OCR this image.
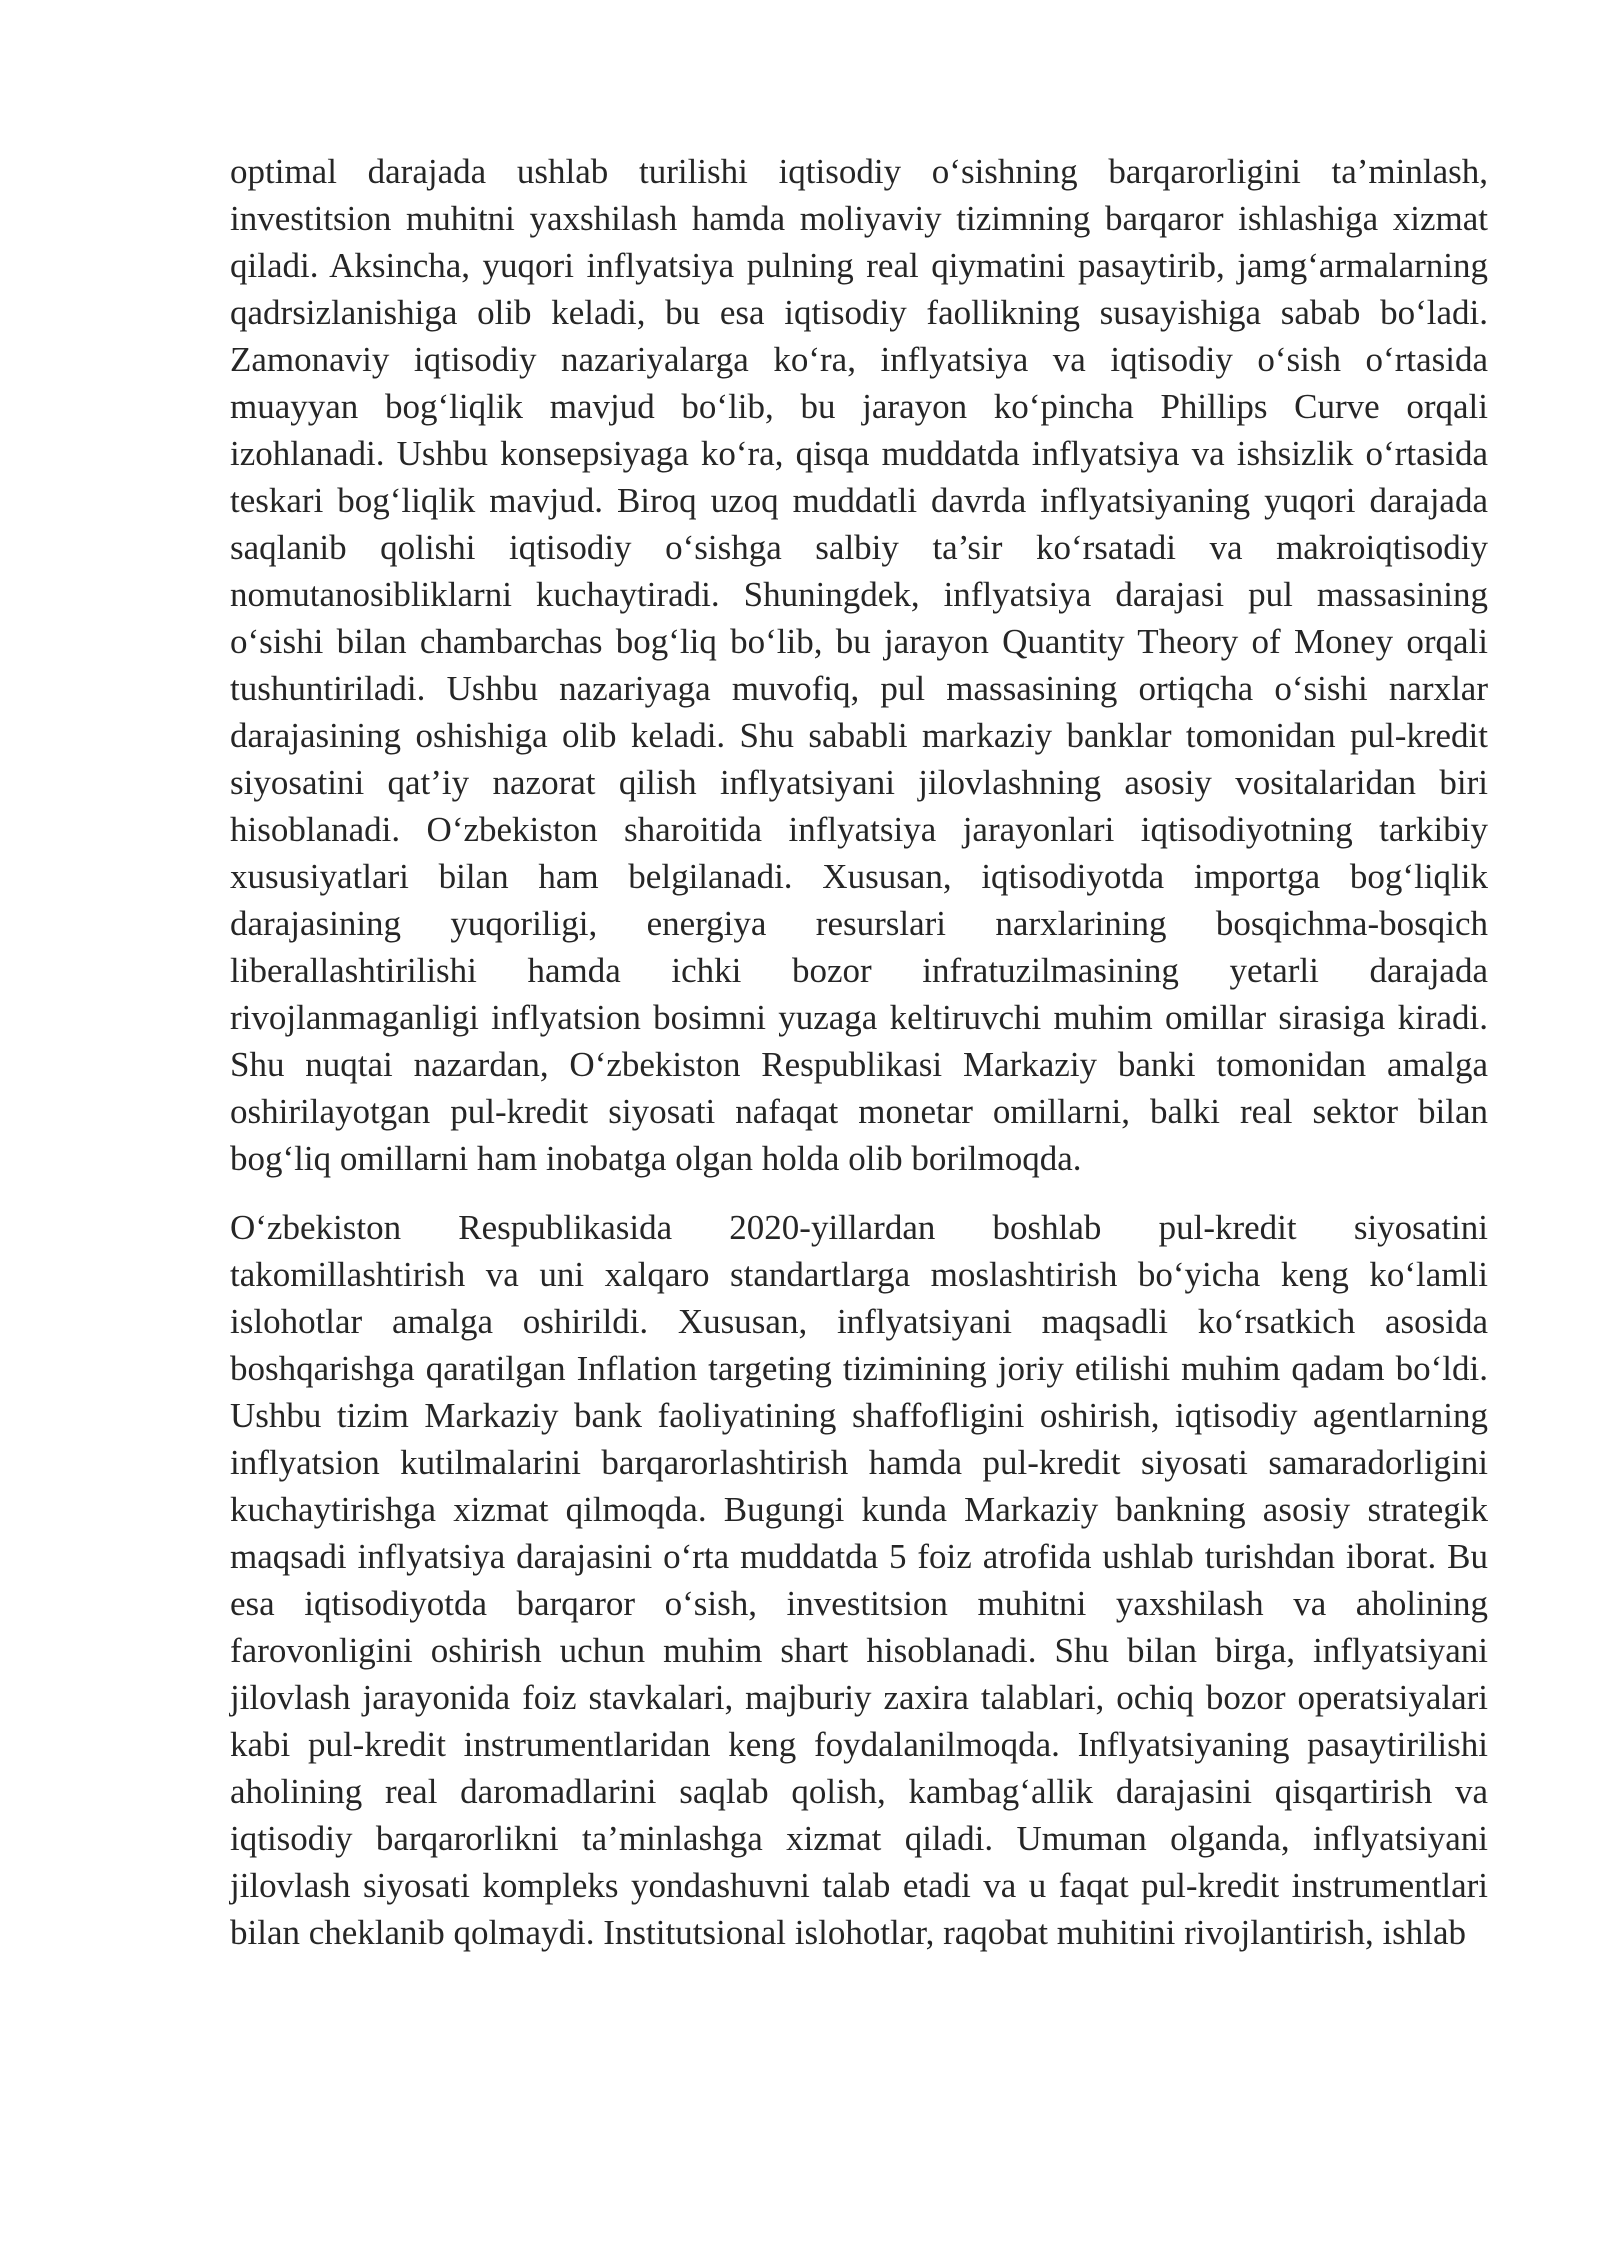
optimal darajada ushlab turilishi iqtisodiy o‘sishning barqarorligini ta’minlash, investitsion muhitni yaxshilash hamda moliyaviy tizimning barqaror ishlashiga xizmat qiladi. Aksincha, yuqori inflyatsiya pulning real qiymatini pasaytirib, jamg‘armalarning qadrsizlanishiga olib keladi, bu esa iqtisodiy faollikning susayishiga sabab bo‘ladi. Zamonaviy iqtisodiy nazariyalarga ko‘ra, inflyatsiya va iqtisodiy o‘sish o‘rtasida muayyan bog‘liqlik mavjud bo‘lib, bu jarayon ko‘pincha Phillips Curve orqali izohlanadi. Ushbu konsepsiyaga ko‘ra, qisqa muddatda inflyatsiya va ishsizlik o‘rtasida teskari bog‘liqlik mavjud. Biroq uzoq muddatli davrda inflyatsiyaning yuqori darajada saqlanib qolishi iqtisodiy o‘sishga salbiy ta’sir ko‘rsatadi va makroiqtisodiy nomutanosibliklarni kuchaytiradi. Shuningdek, inflyatsiya darajasi pul massasining o‘sishi bilan chambarchas bog‘liq bo‘lib, bu jarayon Quantity Theory of Money orqali tushuntiriladi. Ushbu nazariyaga muvofiq, pul massasining ortiqcha o‘sishi narxlar darajasining oshishiga olib keladi. Shu sababli markaziy banklar tomonidan pul-kredit siyosatini qat’iy nazorat qilish inflyatsiyani jilovlashning asosiy vositalaridan biri hisoblanadi. O‘zbekiston sharoitida inflyatsiya jarayonlari iqtisodiyotning tarkibiy xususiyatlari bilan ham belgilanadi. Xususan, iqtisodiyotda importga bog‘liqlik darajasining yuqoriligi, energiya resurslari narxlarining bosqichma-bosqich liberallashtirilishi hamda ichki bozor infratuzilmasining yetarli darajada rivojlanmaganligi inflyatsion bosimni yuzaga keltiruvchi muhim omillar sirasiga kiradi. Shu nuqtai nazardan, O‘zbekiston Respublikasi Markaziy banki tomonidan amalga oshirilayotgan pul-kredit siyosati nafaqat monetar omillarni, balki real sektor bilan bog‘liq omillarni ham inobatga olgan holda olib borilmoqda.

O‘zbekiston Respublikasida 2020-yillardan boshlab pul-kredit siyosatini takomillashtirish va uni xalqaro standartlarga moslashtirish bo‘yicha keng ko‘lamli islohotlar amalga oshirildi. Xususan, inflyatsiyani maqsadli ko‘rsatkich asosida boshqarishga qaratilgan Inflation targeting tizimining joriy etilishi muhim qadam bo‘ldi. Ushbu tizim Markaziy bank faoliyatining shaffofligini oshirish, iqtisodiy agentlarning inflyatsion kutilmalarini barqarorlashtirish hamda pul-kredit siyosati samaradorligini kuchaytirishga xizmat qilmoqda. Bugungi kunda Markaziy bankning asosiy strategik maqsadi inflyatsiya darajasini o‘rta muddatda 5 foiz atrofida ushlab turishdan iborat. Bu esa iqtisodiyotda barqaror o‘sish, investitsion muhitni yaxshilash va aholining farovonligini oshirish uchun muhim shart hisoblanadi. Shu bilan birga, inflyatsiyani jilovlash jarayonida foiz stavkalari, majburiy zaxira talablari, ochiq bozor operatsiyalari kabi pul-kredit instrumentlaridan keng foydalanilmoqda. Inflyatsiyaning pasaytirilishi aholining real daromadlarini saqlab qolish, kambag‘allik darajasini qisqartirish va iqtisodiy barqarorlikni ta’minlashga xizmat qiladi. Umuman olganda, inflyatsiyani jilovlash siyosati kompleks yondashuvni talab etadi va u faqat pul-kredit instrumentlari bilan cheklanib qolmaydi. Institutsional islohotlar, raqobat muhitini rivojlantirish, ishlab
